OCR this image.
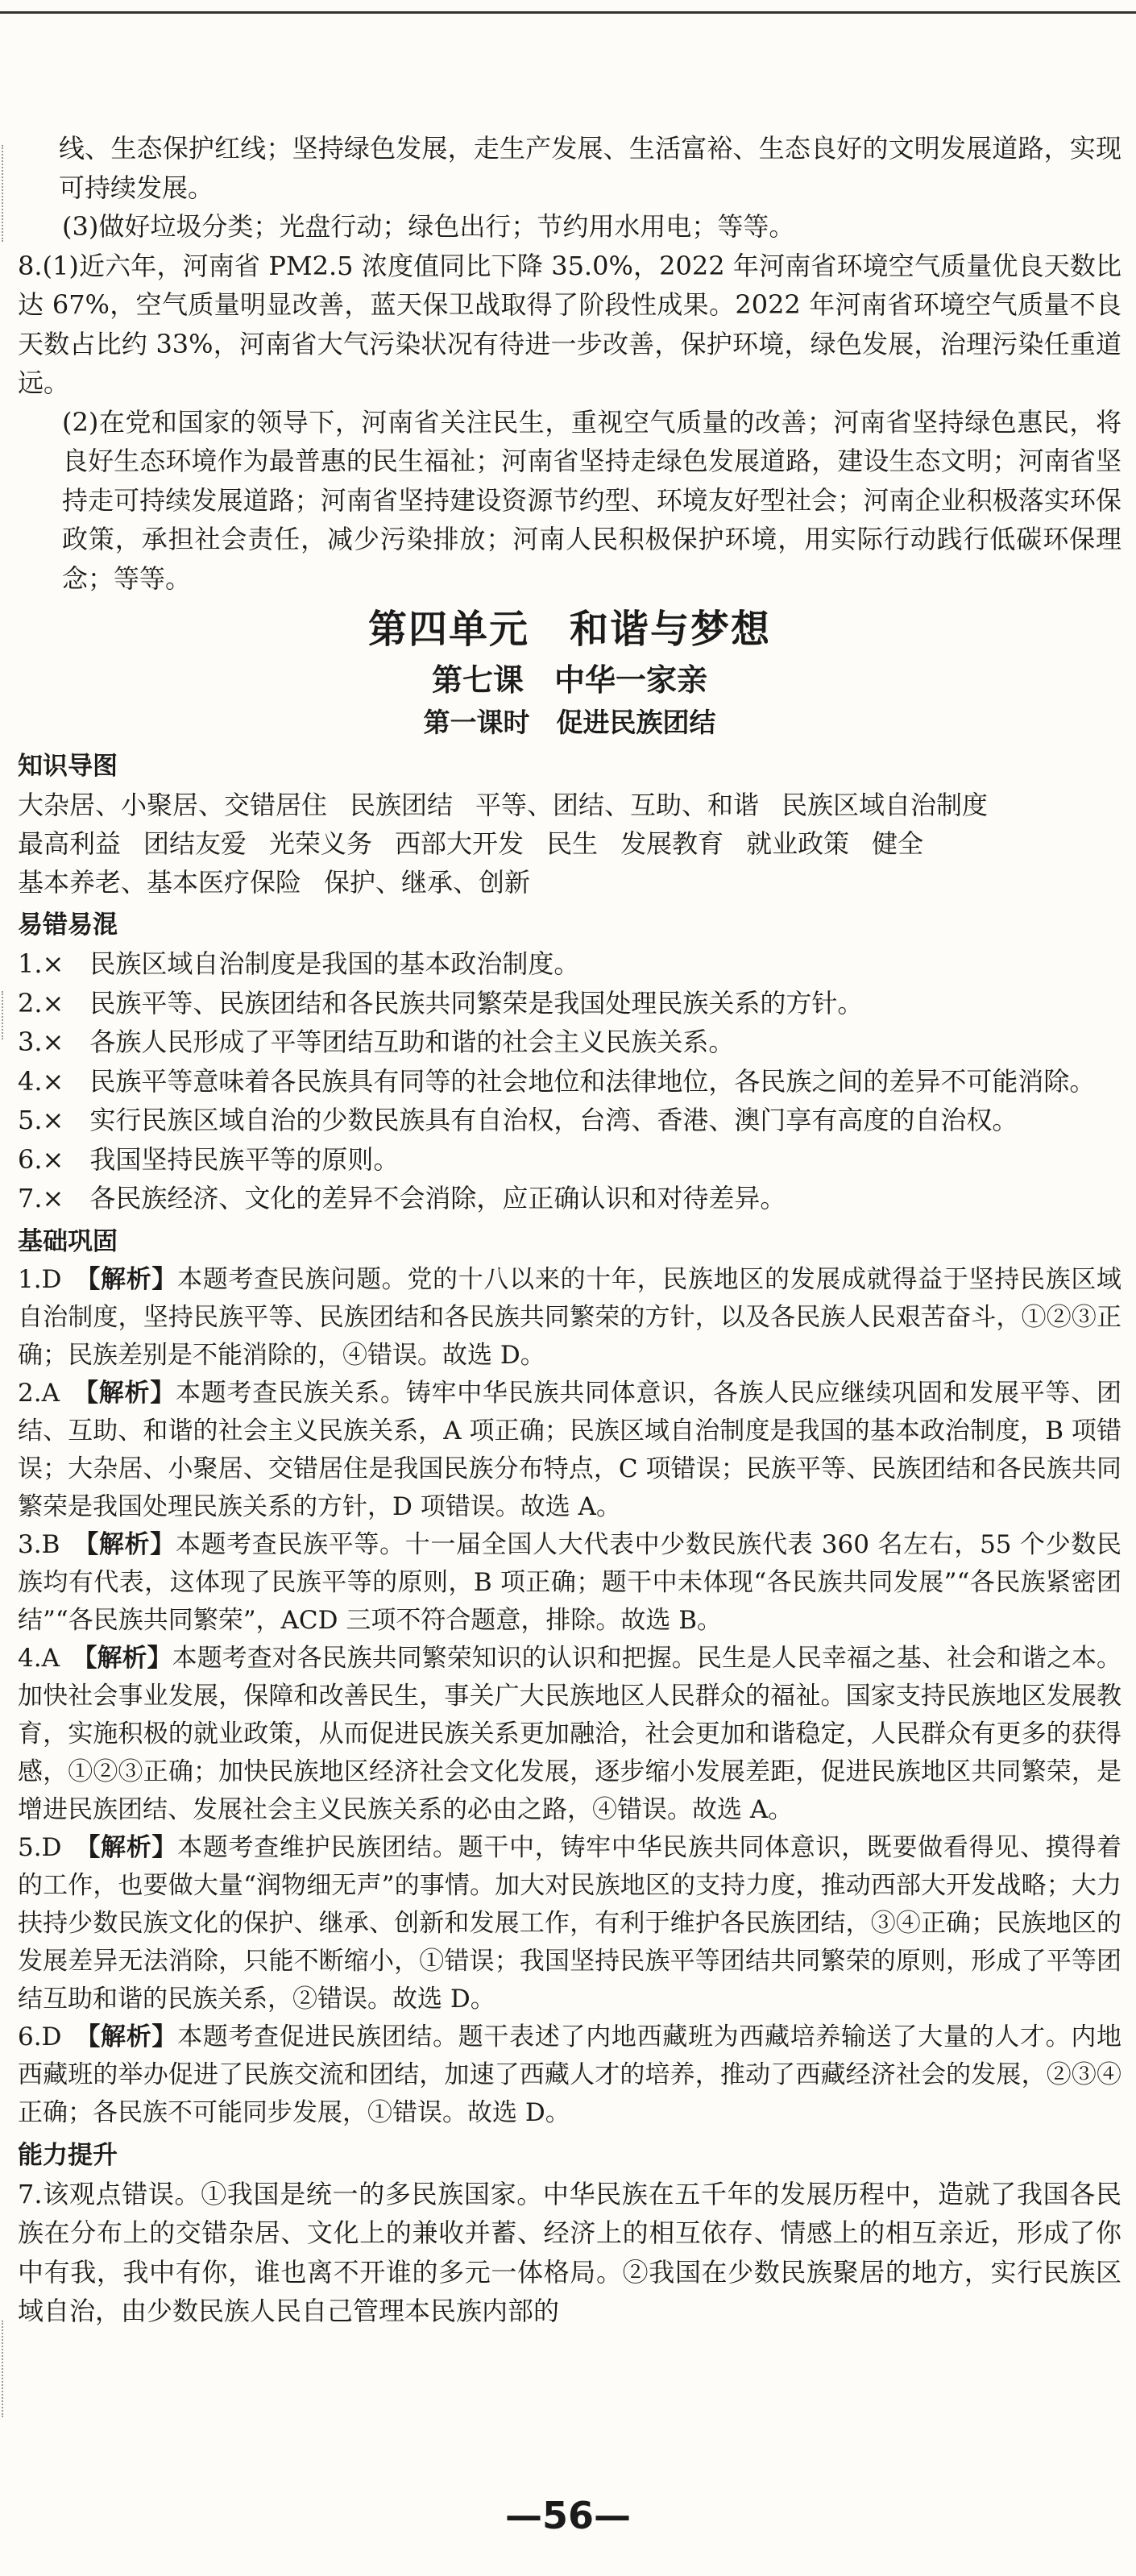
线、生态保护红线；坚持绿色发展，走生产发展、生活富裕、生态良好的文明发展道路，实现可持续发展。

(3)做好垃圾分类；光盘行动；绿色出行；节约用水用电；等等。

8.(1)近六年，河南省 PM2.5 浓度值同比下降 35.0%，2022 年河南省环境空气质量优良天数比达 67%，空气质量明显改善，蓝天保卫战取得了阶段性成果。2022 年河南省环境空气质量不良天数占比约 33%，河南省大气污染状况有待进一步改善，保护环境，绿色发展，治理污染任重道远。

(2)在党和国家的领导下，河南省关注民生，重视空气质量的改善；河南省坚持绿色惠民，将良好生态环境作为最普惠的民生福祉；河南省坚持走绿色发展道路，建设生态文明；河南省坚持走可持续发展道路；河南省坚持建设资源节约型、环境友好型社会；河南企业积极落实环保政策，承担社会责任，减少污染排放；河南人民积极保护环境，用实际行动践行低碳环保理念；等等。

第四单元　和谐与梦想
第七课　中华一家亲
第一课时　促进民族团结
知识导图

大杂居、小聚居、交错居住 民族团结 平等、团结、互助、和谐 民族区域自治制度

最高利益 团结友爱 光荣义务 西部大开发 民生 发展教育 就业政策 健全

基本养老、基本医疗保险 保护、继承、创新

易错易混

1.×　民族区域自治制度是我国的基本政治制度。

2.×　民族平等、民族团结和各民族共同繁荣是我国处理民族关系的方针。

3.×　各族人民形成了平等团结互助和谐的社会主义民族关系。

4.×　民族平等意味着各民族具有同等的社会地位和法律地位，各民族之间的差异不可能消除。

5.×　实行民族区域自治的少数民族具有自治权，台湾、香港、澳门享有高度的自治权。

6.×　我国坚持民族平等的原则。

7.×　各民族经济、文化的差异不会消除，应正确认识和对待差异。

基础巩固

1.D　 【解析】本题考查民族问题。党的十八以来的十年，民族地区的发展成就得益于坚持民族区域自治制度，坚持民族平等、民族团结和各民族共同繁荣的方针，以及各民族人民艰苦奋斗，①②③正确；民族差别是不能消除的，④错误。故选 D。

2.A　 【解析】本题考查民族关系。铸牢中华民族共同体意识，各族人民应继续巩固和发展平等、团结、互助、和谐的社会主义民族关系，A 项正确；民族区域自治制度是我国的基本政治制度，B 项错误；大杂居、小聚居、交错居住是我国民族分布特点，C 项错误；民族平等、民族团结和各民族共同繁荣是我国处理民族关系的方针，D 项错误。故选 A。

3.B　 【解析】本题考查民族平等。十一届全国人大代表中少数民族代表 360 名左右，55 个少数民族均有代表，这体现了民族平等的原则，B 项正确；题干中未体现“各民族共同发展”“各民族紧密团结”“各民族共同繁荣”，ACD 三项不符合题意，排除。故选 B。

4.A　 【解析】本题考查对各民族共同繁荣知识的认识和把握。民生是人民幸福之基、社会和谐之本。加快社会事业发展，保障和改善民生，事关广大民族地区人民群众的福祉。国家支持民族地区发展教育，实施积极的就业政策，从而促进民族关系更加融洽，社会更加和谐稳定，人民群众有更多的获得感，①②③正确；加快民族地区经济社会文化发展，逐步缩小发展差距，促进民族地区共同繁荣，是增进民族团结、发展社会主义民族关系的必由之路，④错误。故选 A。

5.D　 【解析】本题考查维护民族团结。题干中，铸牢中华民族共同体意识，既要做看得见、摸得着的工作，也要做大量“润物细无声”的事情。加大对民族地区的支持力度，推动西部大开发战略；大力扶持少数民族文化的保护、继承、创新和发展工作，有利于维护各民族团结，③④正确；民族地区的发展差异无法消除，只能不断缩小，①错误；我国坚持民族平等团结共同繁荣的原则，形成了平等团结互助和谐的民族关系，②错误。故选 D。

6.D　 【解析】本题考查促进民族团结。题干表述了内地西藏班为西藏培养输送了大量的人才。内地西藏班的举办促进了民族交流和团结，加速了西藏人才的培养，推动了西藏经济社会的发展，②③④正确；各民族不可能同步发展，①错误。故选 D。

能力提升

7.该观点错误。①我国是统一的多民族国家。中华民族在五千年的发展历程中，造就了我国各民族在分布上的交错杂居、文化上的兼收并蓄、经济上的相互依存、情感上的相互亲近，形成了你中有我，我中有你，谁也离不开谁的多元一体格局。②我国在少数民族聚居的地方，实行民族区域自治，由少数民族人民自己管理本民族内部的

—56—
